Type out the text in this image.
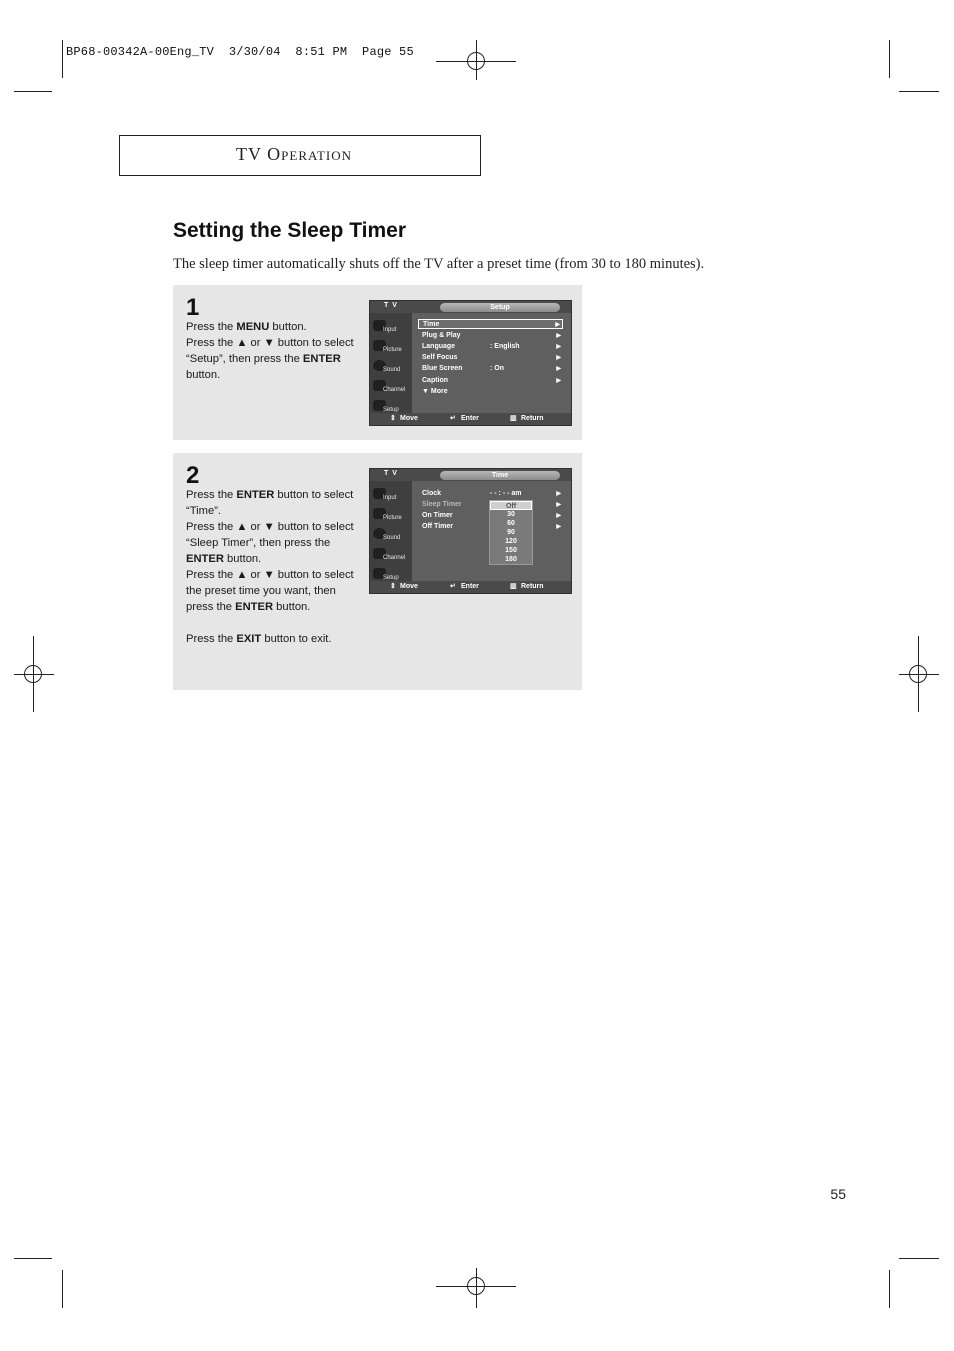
BP68-00342A-00Eng_TV  3/30/04  8:51 PM  Page 55
TV Operation
Setting the Sleep Timer
The sleep timer automatically shuts off the TV after a preset time (from 30 to 180 minutes).
1

Press the MENU button.

Press the ▲ or ▼ button to select “Setup”, then press the ENTER button.

T V	Setup
Input
Picture
Sound
Channel
Setup
Time	▶
Plug & Play	▶
Language	: English	▶
Self Focus	▶
Blue Screen	: On	▶
Caption	▶
▼ More
⇕ Move	↵ Enter	▥ Return
2

Press the ENTER button to select “Time”.

Press the ▲ or ▼ button to select “Sleep Timer”, then press the ENTER button.

Press the ▲ or ▼ button to select the preset time you want, then press the ENTER button.

Press the EXIT button to exit.

T V	Time
Input
Picture
Sound
Channel
Setup
Clock	- - : - - am	▶
Sleep Timer	▶
On Timer	▶
Off Timer	▶
Off
30
60
90
120
150
180
⇕ Move	↵ Enter	▥ Return
55
